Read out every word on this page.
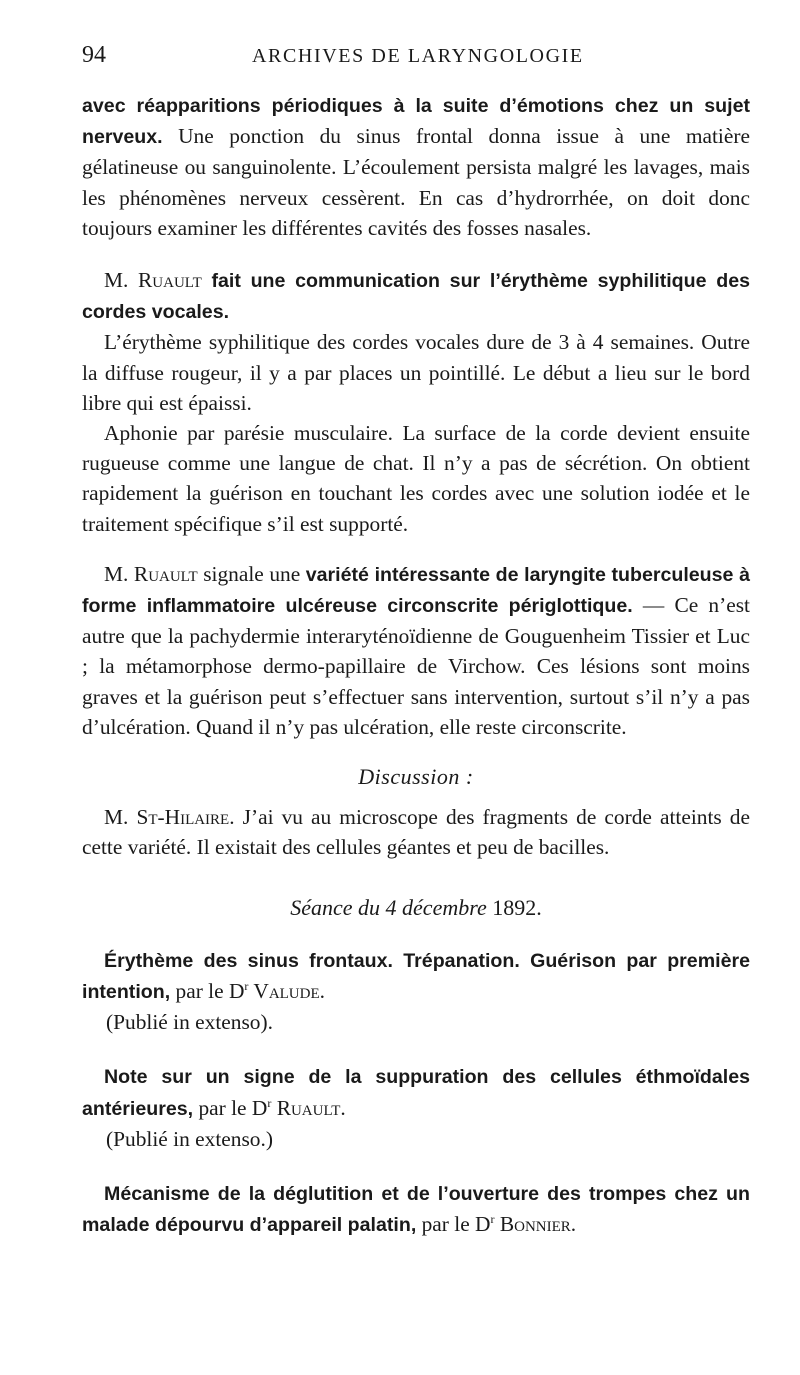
94	ARCHIVES DE LARYNGOLOGIE

avec réapparitions périodiques à la suite d’émotions chez un sujet nerveux. Une ponction du sinus frontal donna issue à une matière gélatineuse ou sanguinolente. L’écoulement persista malgré les lavages, mais les phénomènes nerveux cessèrent. En cas d’hydrorrhée, on doit donc toujours examiner les différentes cavités des fosses nasales.

M. Ruault fait une communication sur l’érythème syphilitique des cordes vocales.

L’érythème syphilitique des cordes vocales dure de 3 à 4 semaines. Outre la diffuse rougeur, il y a par places un pointillé. Le début a lieu sur le bord libre qui est épaissi.

Aphonie par parésie musculaire. La surface de la corde devient ensuite rugueuse comme une langue de chat. Il n’y a pas de sécrétion. On obtient rapidement la guérison en touchant les cordes avec une solution iodée et le traitement spécifique s’il est supporté.

M. Ruault signale une variété intéressante de laryngite tuberculeuse à forme inflammatoire ulcéreuse circonscrite périglottique. — Ce n’est autre que la pachydermie interaryténoïdienne de Gouguenheim Tissier et Luc ; la métamorphose dermo-papillaire de Virchow. Ces lésions sont moins graves et la guérison peut s’effectuer sans intervention, surtout s’il n’y a pas d’ulcération. Quand il n’y pas ulcération, elle reste circonscrite.

Discussion :

M. St-Hilaire. J’ai vu au microscope des fragments de corde atteints de cette variété. Il existait des cellules géantes et peu de bacilles.

Séance du 4 décembre 1892.

Érythème des sinus frontaux. Trépanation. Guérison par première intention, par le $D^r$ Valude.

(Publié in extenso).

Note sur un signe de la suppuration des cellules éthmoïdales antérieures, par le $D^r$ Ruault.

(Publié in extenso.)

Mécanisme de la déglutition et de l’ouverture des trompes chez un malade dépourvu d’appareil palatin, par le $D^r$ Bonnier.
